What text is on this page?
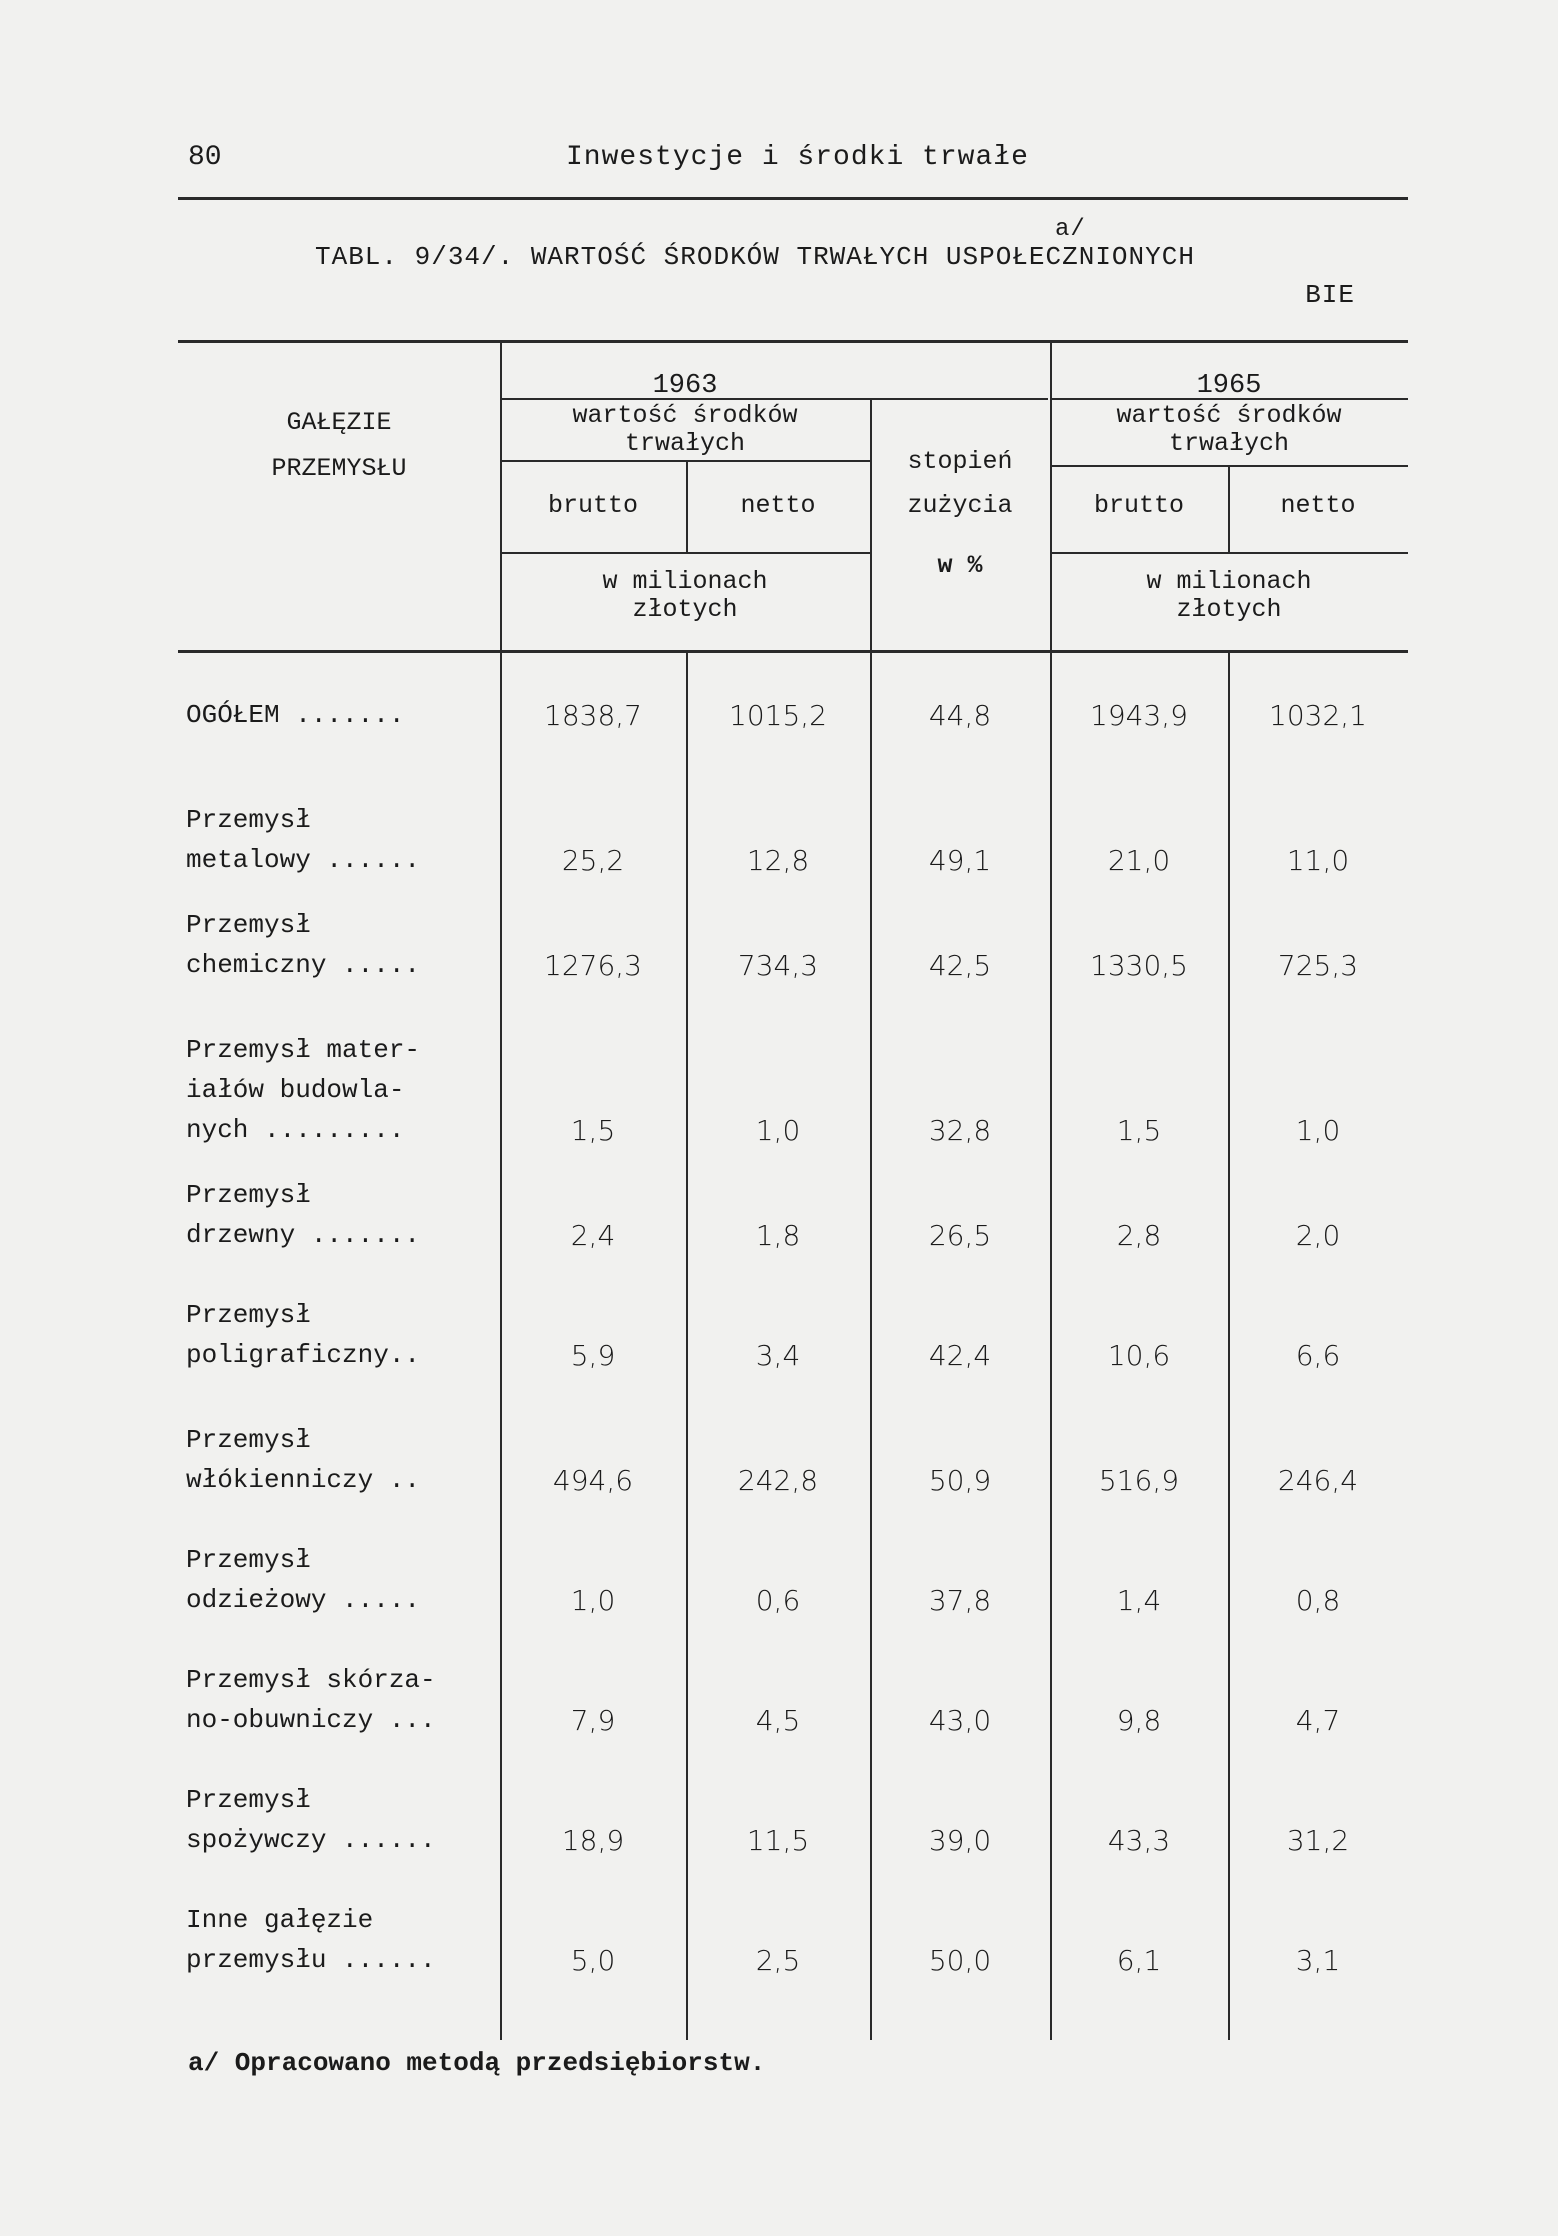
80	Inwestycje i środki trwałe
a/
TABL. 9/34/. WARTOŚĆ ŚRODKÓW TRWAŁYCH USPOŁECZNIONYCH
BIE
GAŁĘZIE
PRZEMYSŁU
1963	1965
wartość środków trwałych
wartość środków trwałych
brutto	netto
stopień
zużycia
w %
brutto	netto
w milionach złotych
w milionach złotych
OGÓŁEM .......	1838,7	1015,2	44,8	1943,9	1032,1
Przemysł
metalowy ......	25,2	12,8	49,1	21,0	11,0
Przemysł
chemiczny .....	1276,3	734,3	42,5	1330,5	725,3
Przemysł mater-
iałów budowla-
nych .........	1,5	1,0	32,8	1,5	1,0
Przemysł
drzewny .......	2,4	1,8	26,5	2,8	2,0
Przemysł
poligraficzny..	5,9	3,4	42,4	10,6	6,6
Przemysł
włókienniczy ..	494,6	242,8	50,9	516,9	246,4
Przemysł
odzieżowy .....	1,0	0,6	37,8	1,4	0,8
Przemysł skórza-
no-obuwniczy ...	7,9	4,5	43,0	9,8	4,7
Przemysł
spożywczy ......	18,9	11,5	39,0	43,3	31,2
Inne gałęzie
przemysłu ......	5,0	2,5	50,0	6,1	3,1
a/ Opracowano metodą przedsiębiorstw.
